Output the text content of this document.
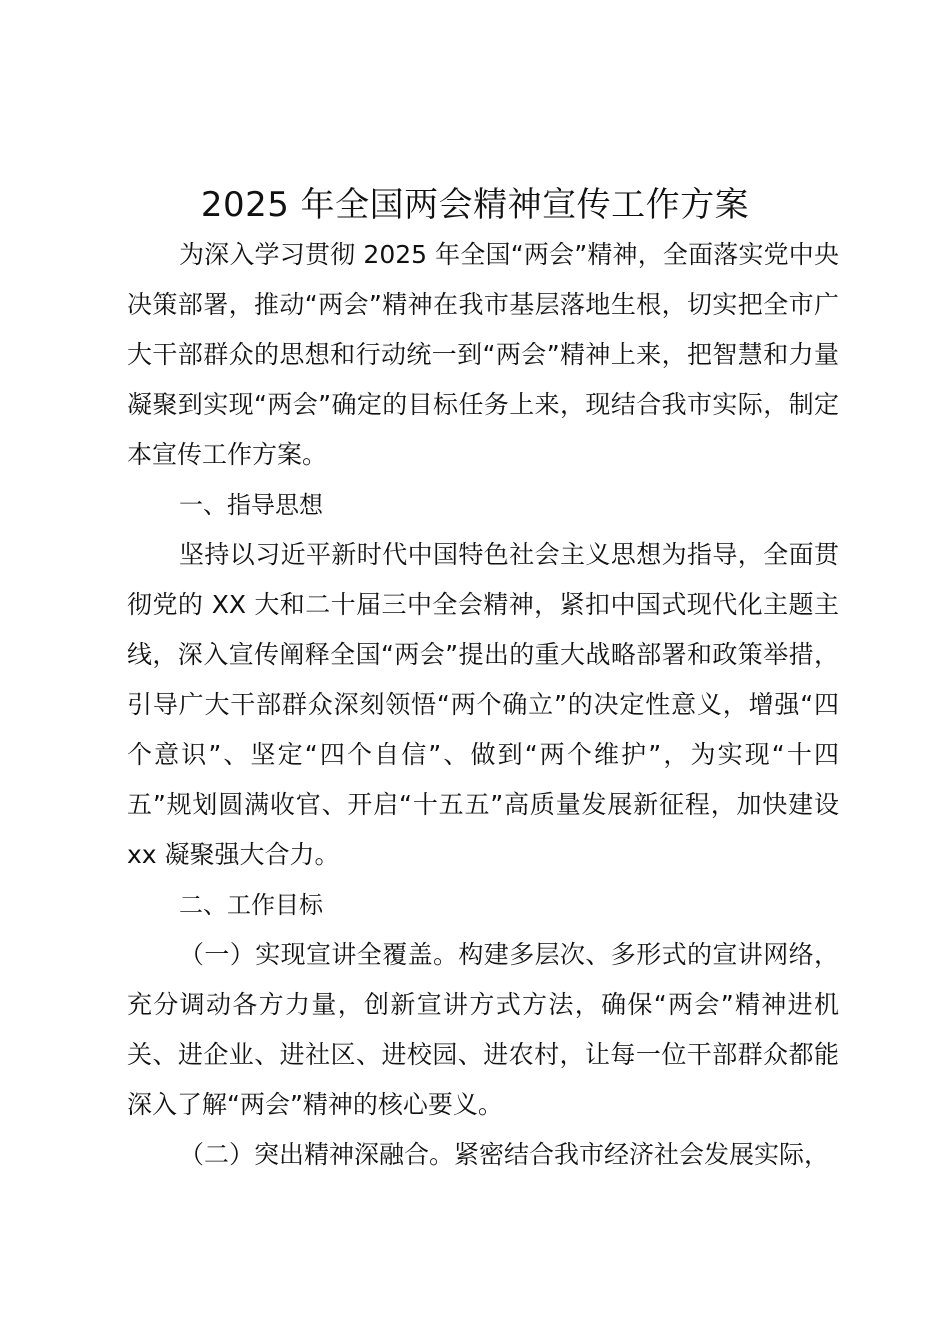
2025 年全国两会精神宣传工作方案

为深入学习贯彻 2025 年全国“两会”精神，全面落实党中央决策部署，推动“两会”精神在我市基层落地生根，切实把全市广大干部群众的思想和行动统一到“两会”精神上来，把智慧和力量凝聚到实现“两会”确定的目标任务上来，现结合我市实际，制定本宣传工作方案。

一、指导思想

坚持以习近平新时代中国特色社会主义思想为指导，全面贯彻党的 XX 大和二十届三中全会精神，紧扣中国式现代化主题主线，深入宣传阐释全国“两会”提出的重大战略部署和政策举措，引导广大干部群众深刻领悟“两个确立”的决定性意义，增强“四个意识”、坚定“四个自信”、做到“两个维护”，为实现“十四五”规划圆满收官、开启“十五五”高质量发展新征程，加快建设 xx 凝聚强大合力。

二、工作目标

（一）实现宣讲全覆盖。构建多层次、多形式的宣讲网络，充分调动各方力量，创新宣讲方式方法，确保“两会”精神进机关、进企业、进社区、进校园、进农村，让每一位干部群众都能深入了解“两会”精神的核心要义。

（二）突出精神深融合。紧密结合我市经济社会发展实际，
